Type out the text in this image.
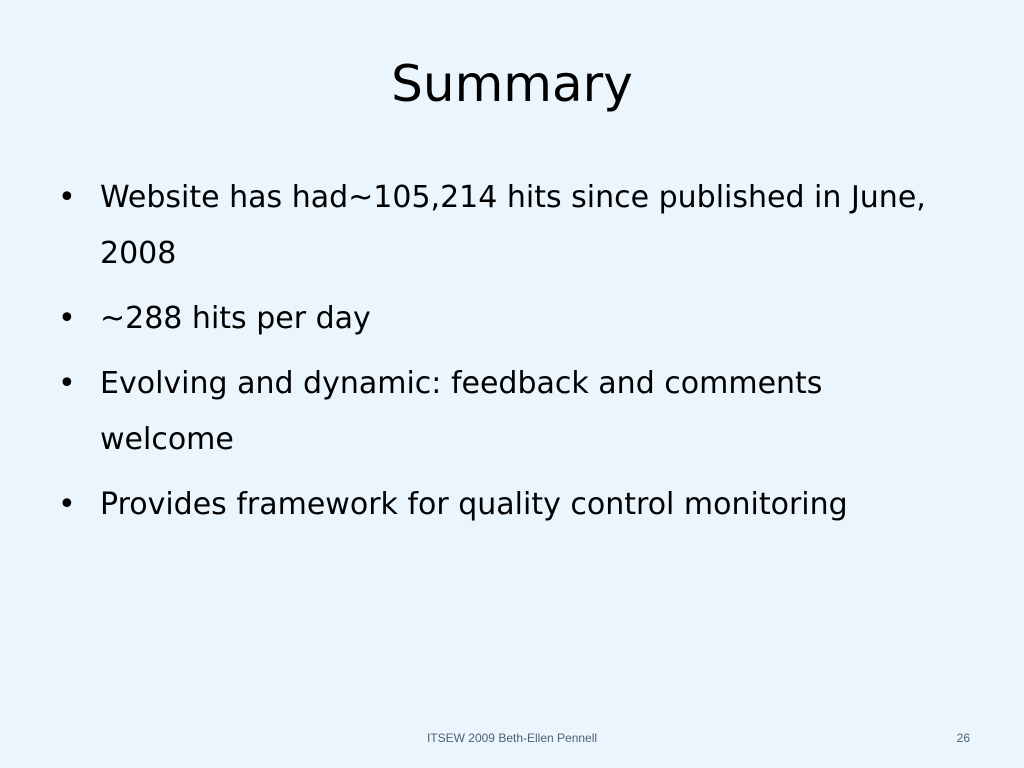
Summary
• Website has had~105,214 hits since published in June, 2008
• ~288 hits per day
• Evolving and dynamic: feedback and comments welcome
• Provides framework for quality control monitoring
ITSEW 2009 Beth-Ellen Pennell	26
